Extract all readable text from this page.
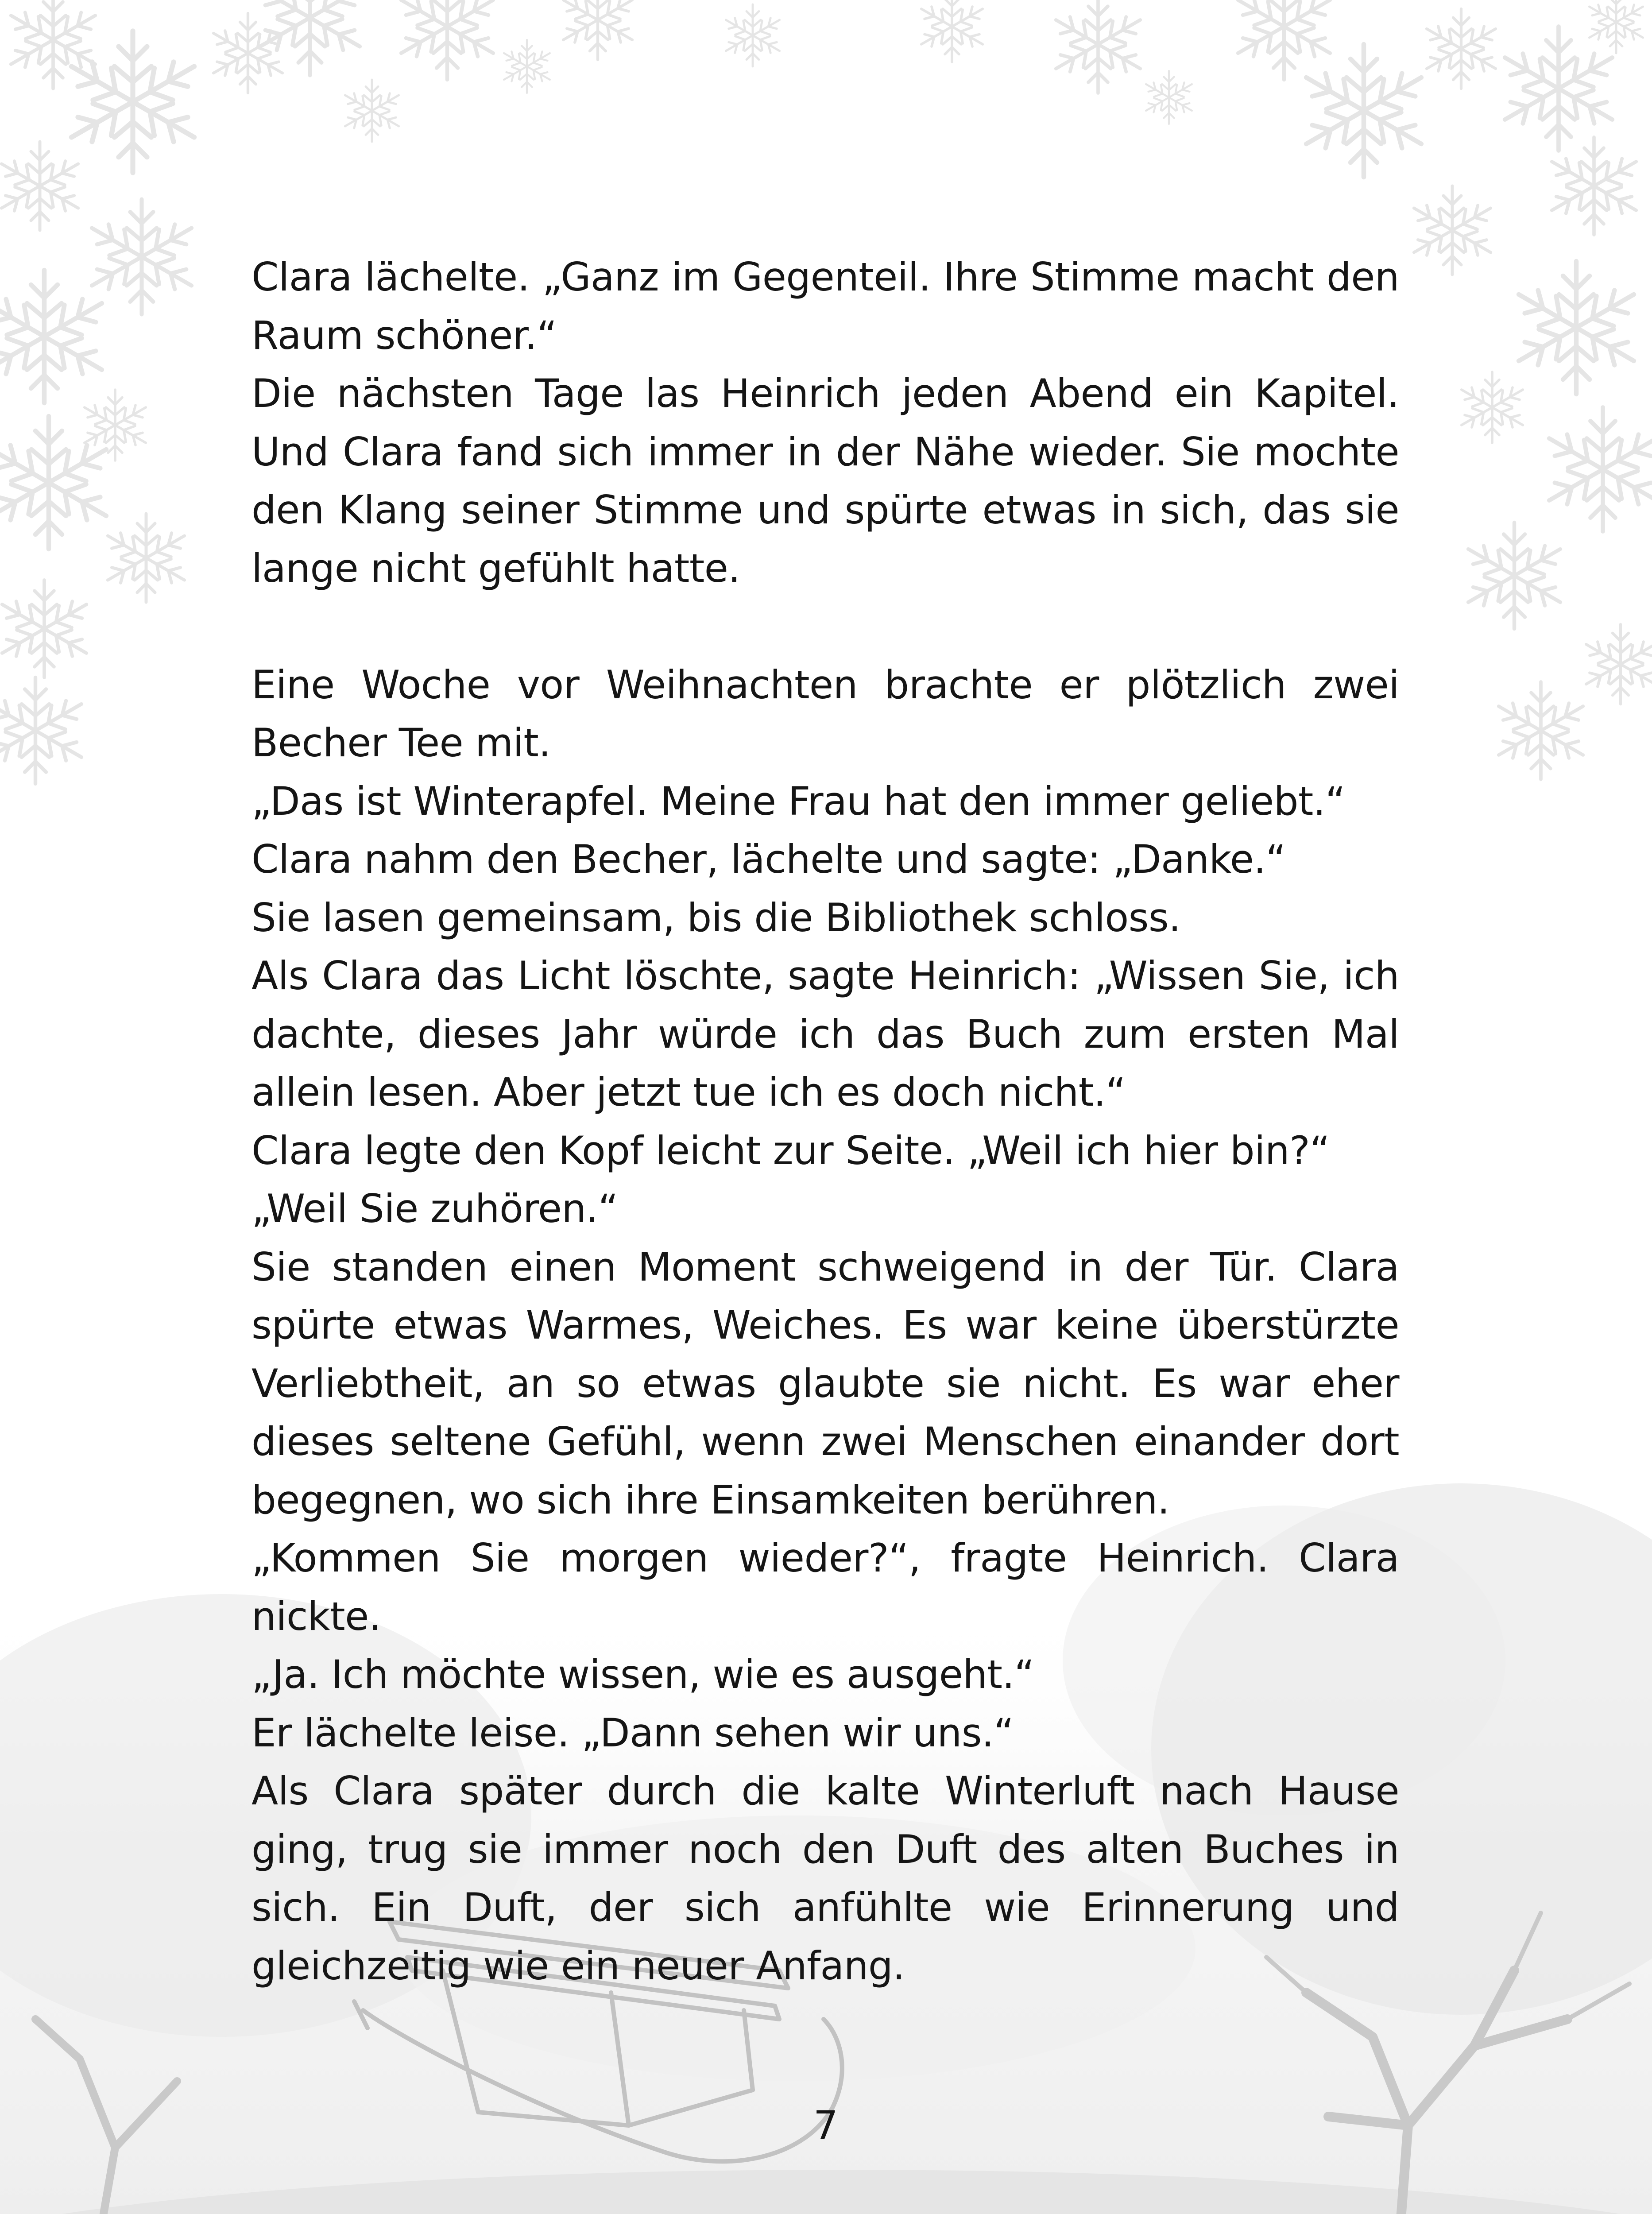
Clara lächelte. „Ganz im Gegenteil. Ihre Stimme macht den Raum schöner.“

Die nächsten Tage las Heinrich jeden Abend ein Kapitel. Und Clara fand sich immer in der Nähe wieder. Sie mochte den Klang seiner Stimme und spürte etwas in sich, das sie lange nicht gefühlt hatte.

Eine Woche vor Weihnachten brachte er plötzlich zwei Becher Tee mit.

„Das ist Winterapfel. Meine Frau hat den immer geliebt.“

Clara nahm den Becher, lächelte und sagte: „Danke.“

Sie lasen gemeinsam, bis die Bibliothek schloss.

Als Clara das Licht löschte, sagte Heinrich: „Wissen Sie, ich dachte, dieses Jahr würde ich das Buch zum ersten Mal allein lesen. Aber jetzt tue ich es doch nicht.“

Clara legte den Kopf leicht zur Seite. „Weil ich hier bin?“

„Weil Sie zuhören.“

Sie standen einen Moment schweigend in der Tür. Clara spürte etwas Warmes, Weiches. Es war keine überstürzte Verliebtheit, an so etwas glaubte sie nicht. Es war eher dieses seltene Gefühl, wenn zwei Menschen einander dort begegnen, wo sich ihre Einsamkeiten berühren.

„Kommen Sie morgen wieder?“, fragte Heinrich. Clara nickte.

„Ja. Ich möchte wissen, wie es ausgeht.“

Er lächelte leise. „Dann sehen wir uns.“

Als Clara später durch die kalte Winterluft nach Hause ging, trug sie immer noch den Duft des alten Buches in sich. Ein Duft, der sich anfühlte wie Erinnerung und gleichzeitig wie ein neuer Anfang.

7
